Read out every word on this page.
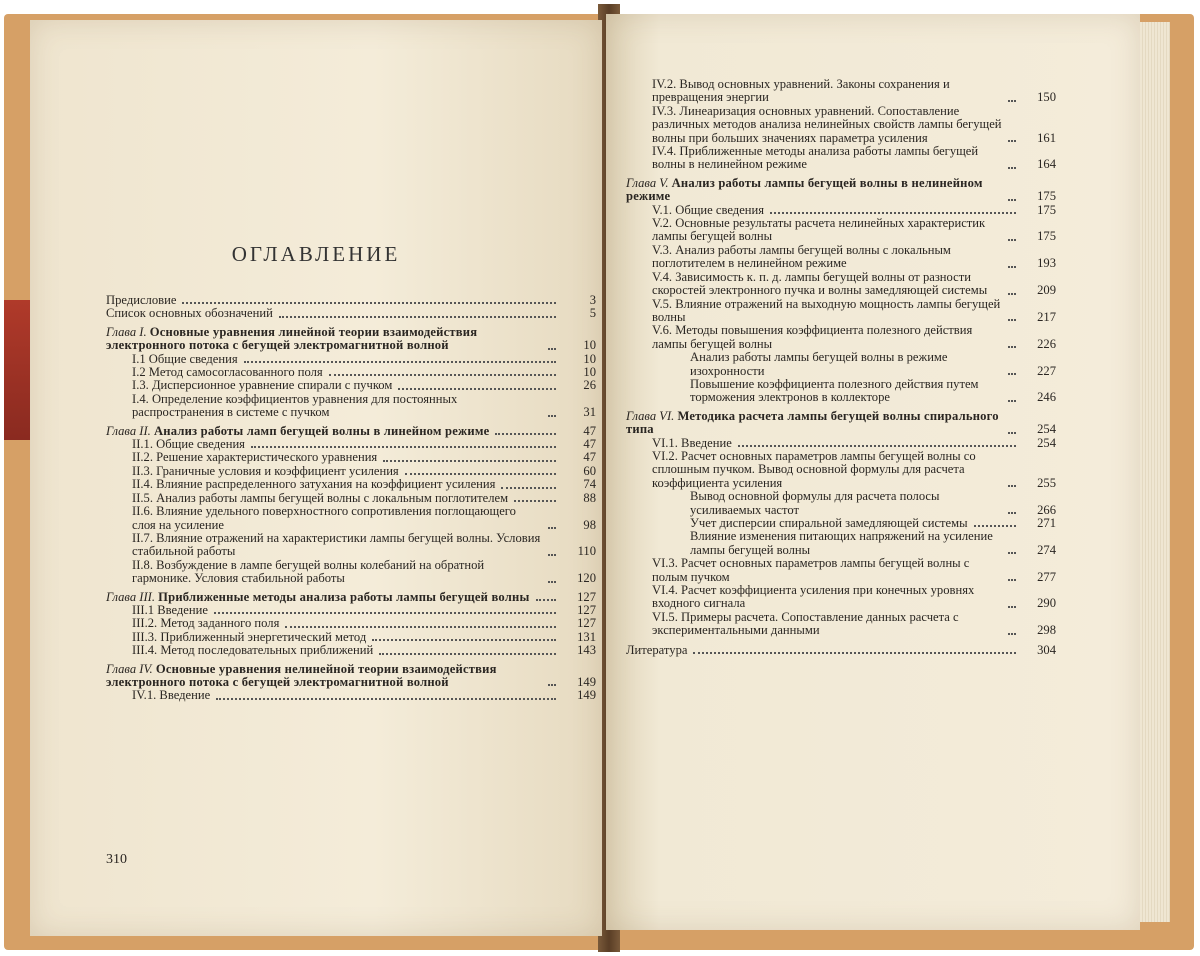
ОГЛАВЛЕНИЕ
Предисловие	3
Список основных обозначений	5
Глава I. Основные уравнения линейной теории взаимодействия электронного потока с бегущей электромагнитной волной	10
I.1 Общие сведения	10
I.2 Метод самосогласованного поля	10
I.3. Дисперсионное уравнение спирали с пучком	26
I.4. Определение коэффициентов уравнения для постоянных распространения в системе с пучком	31
Глава II. Анализ работы ламп бегущей волны в линейном режиме	47
II.1. Общие сведения	47
II.2. Решение характеристического уравнения	47
II.3. Граничные условия и коэффициент усиления	60
II.4. Влияние распределенного затухания на коэффициент усиления	74
II.5. Анализ работы лампы бегущей волны с локальным поглотителем	88
II.6. Влияние удельного поверхностного сопротивления поглощающего слоя на усиление	98
II.7. Влияние отражений на характеристики лампы бегущей волны. Условия стабильной работы	110
II.8. Возбуждение в лампе бегущей волны колебаний на обратной гармонике. Условия стабильной работы	120
Глава III. Приближенные методы анализа работы лампы бегущей волны	127
III.1 Введение	127
III.2. Метод заданного поля	127
III.3. Приближенный энергетический метод	131
III.4. Метод последовательных приближений	143
Глава IV. Основные уравнения нелинейной теории взаимодействия электронного потока с бегущей электромагнитной волной	149
IV.1. Введение	149
310
IV.2. Вывод основных уравнений. Законы сохранения и превращения энергии	150
IV.3. Линеаризация основных уравнений. Сопоставление различных методов анализа нелинейных свойств лампы бегущей волны при больших значениях параметра усиления	161
IV.4. Приближенные методы анализа работы лампы бегущей волны в нелинейном режиме	164
Глава V. Анализ работы лампы бегущей волны в нелинейном режиме	175
V.1. Общие сведения	175
V.2. Основные результаты расчета нелинейных характеристик лампы бегущей волны	175
V.3. Анализ работы лампы бегущей волны с локальным поглотителем в нелинейном режиме	193
V.4. Зависимость к. п. д. лампы бегущей волны от разности скоростей электронного пучка и волны замедляющей системы	209
V.5. Влияние отражений на выходную мощность лампы бегущей волны	217
V.6. Методы повышения коэффициента полезного действия лампы бегущей волны	226
Анализ работы лампы бегущей волны в режиме изохронности	227
Повышение коэффициента полезного действия путем торможения электронов в коллекторе	246
Глава VI. Методика расчета лампы бегущей волны спирального типа	254
VI.1. Введение	254
VI.2. Расчет основных параметров лампы бегущей волны со сплошным пучком. Вывод основной формулы для расчета коэффициента усиления	255
Вывод основной формулы для расчета полосы усиливаемых частот	266
Учет дисперсии спиральной замедляющей системы	271
Влияние изменения питающих напряжений на усиление лампы бегущей волны	274
VI.3. Расчет основных параметров лампы бегущей волны с полым пучком	277
VI.4. Расчет коэффициента усиления при конечных уровнях входного сигнала	290
VI.5. Примеры расчета. Сопоставление данных расчета с экспериментальными данными	298
Литература	304
